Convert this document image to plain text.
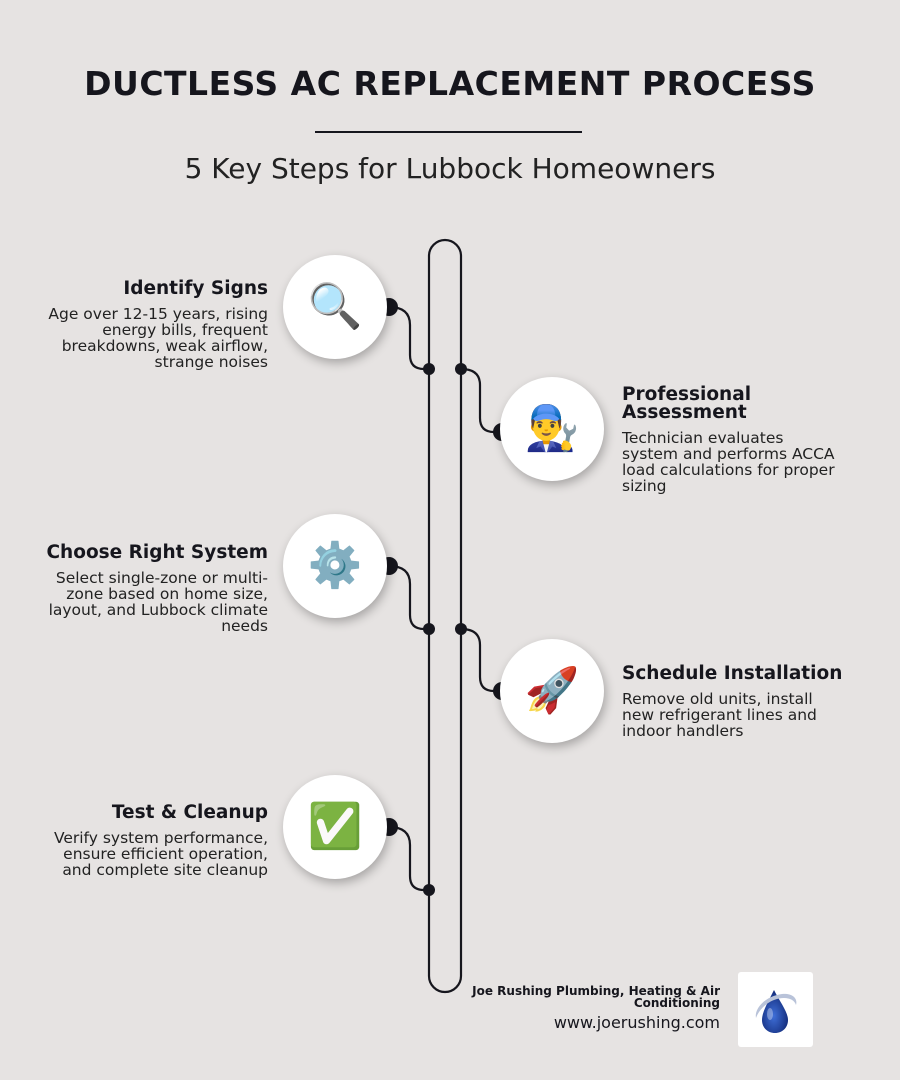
DUCTLESS AC REPLACEMENT PROCESS
5 Key Steps for Lubbock Homeowners
🔍
Identify Signs
Age over 12-15 years, rising energy bills, frequent breakdowns, weak airflow, strange noises
👨‍🔧
Professional Assessment
Technician evaluates system and performs ACCA load calculations for proper sizing
⚙️
Choose Right System
Select single-zone or multi-zone based on home size, layout, and Lubbock climate needs
🚀	Schedule Installation
Remove old units, install new refrigerant lines and indoor handlers
✅
Test & Cleanup
Verify system performance, ensure efficient operation, and complete site cleanup
Joe Rushing Plumbing, Heating & Air Conditioning
www.joerushing.com
